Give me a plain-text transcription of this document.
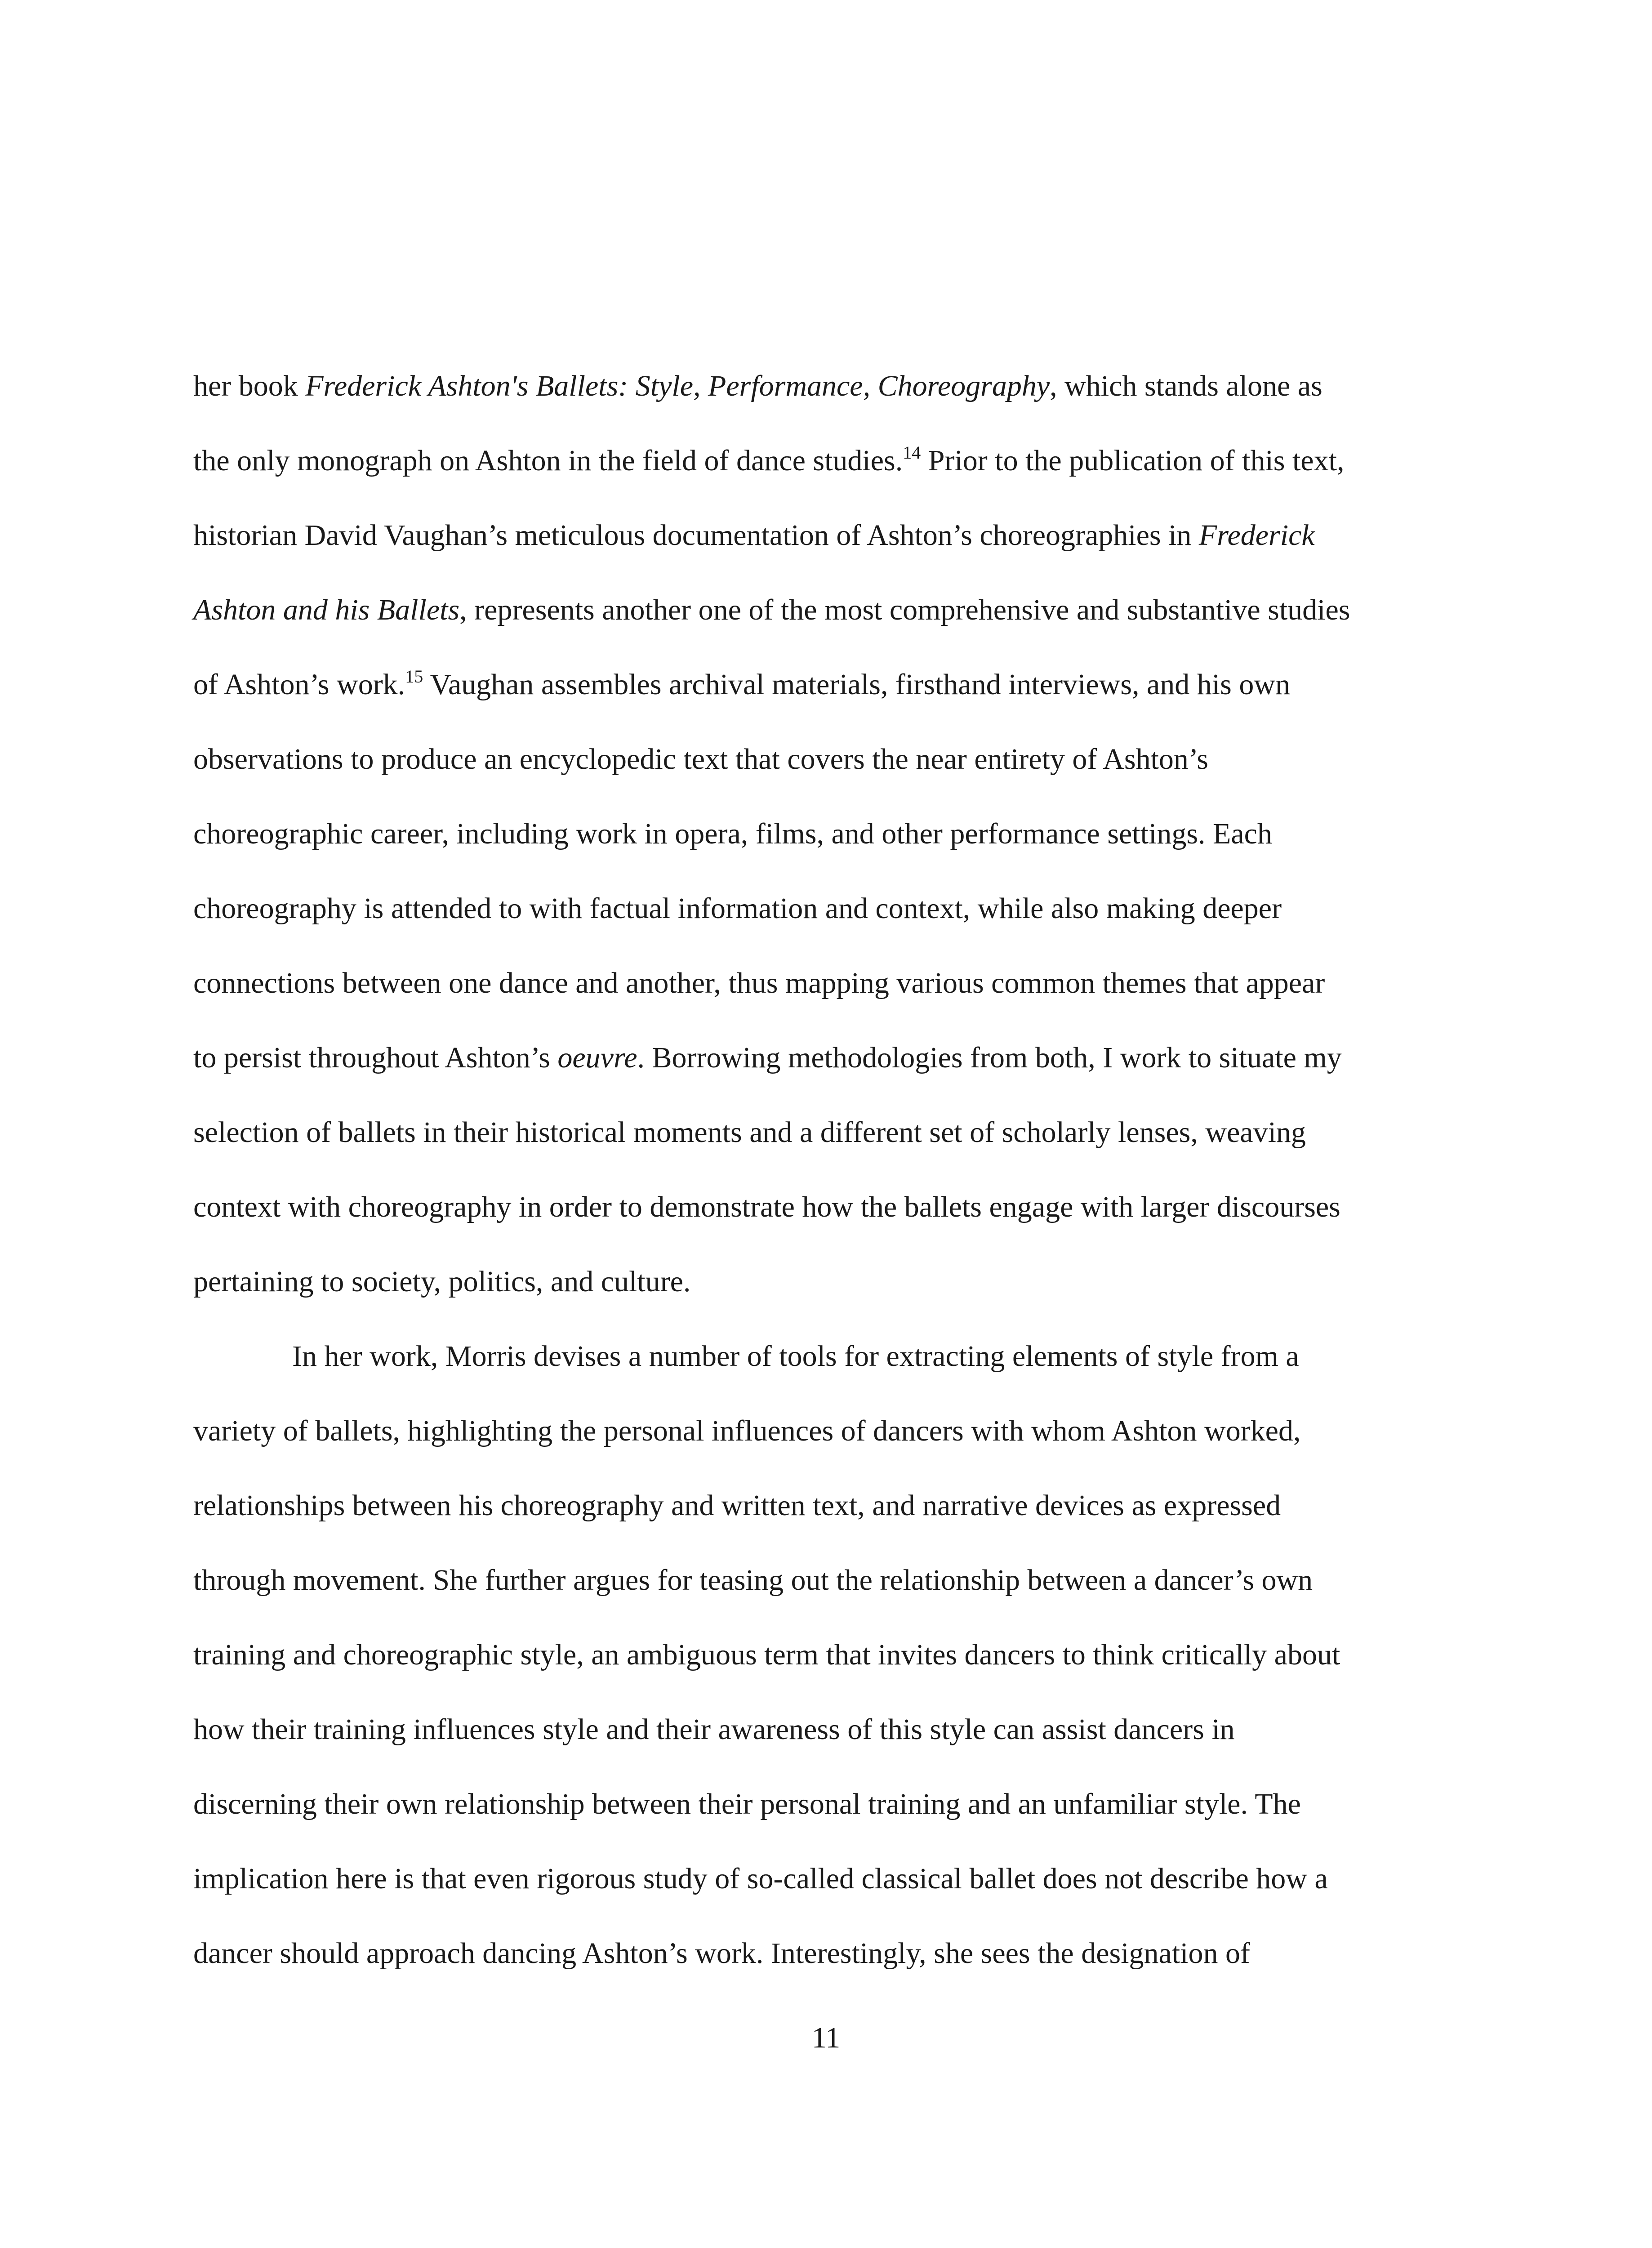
her book Frederick Ashton's Ballets: Style, Performance, Choreography, which stands alone as
the only monograph on Ashton in the field of dance studies.$^{14}$ Prior to the publication of this text,
historian David Vaughan’s meticulous documentation of Ashton’s choreographies in Frederick
Ashton and his Ballets, represents another one of the most comprehensive and substantive studies
of Ashton’s work.$^{15}$ Vaughan assembles archival materials, firsthand interviews, and his own
observations to produce an encyclopedic text that covers the near entirety of Ashton’s
choreographic career, including work in opera, films, and other performance settings. Each
choreography is attended to with factual information and context, while also making deeper
connections between one dance and another, thus mapping various common themes that appear
to persist throughout Ashton’s oeuvre. Borrowing methodologies from both, I work to situate my
selection of ballets in their historical moments and a different set of scholarly lenses, weaving
context with choreography in order to demonstrate how the ballets engage with larger discourses
pertaining to society, politics, and culture.
In her work, Morris devises a number of tools for extracting elements of style from a
variety of ballets, highlighting the personal influences of dancers with whom Ashton worked,
relationships between his choreography and written text, and narrative devices as expressed
through movement. She further argues for teasing out the relationship between a dancer’s own
training and choreographic style, an ambiguous term that invites dancers to think critically about
how their training influences style and their awareness of this style can assist dancers in
discerning their own relationship between their personal training and an unfamiliar style. The
implication here is that even rigorous study of so-called classical ballet does not describe how a
dancer should approach dancing Ashton’s work. Interestingly, she sees the designation of
11
